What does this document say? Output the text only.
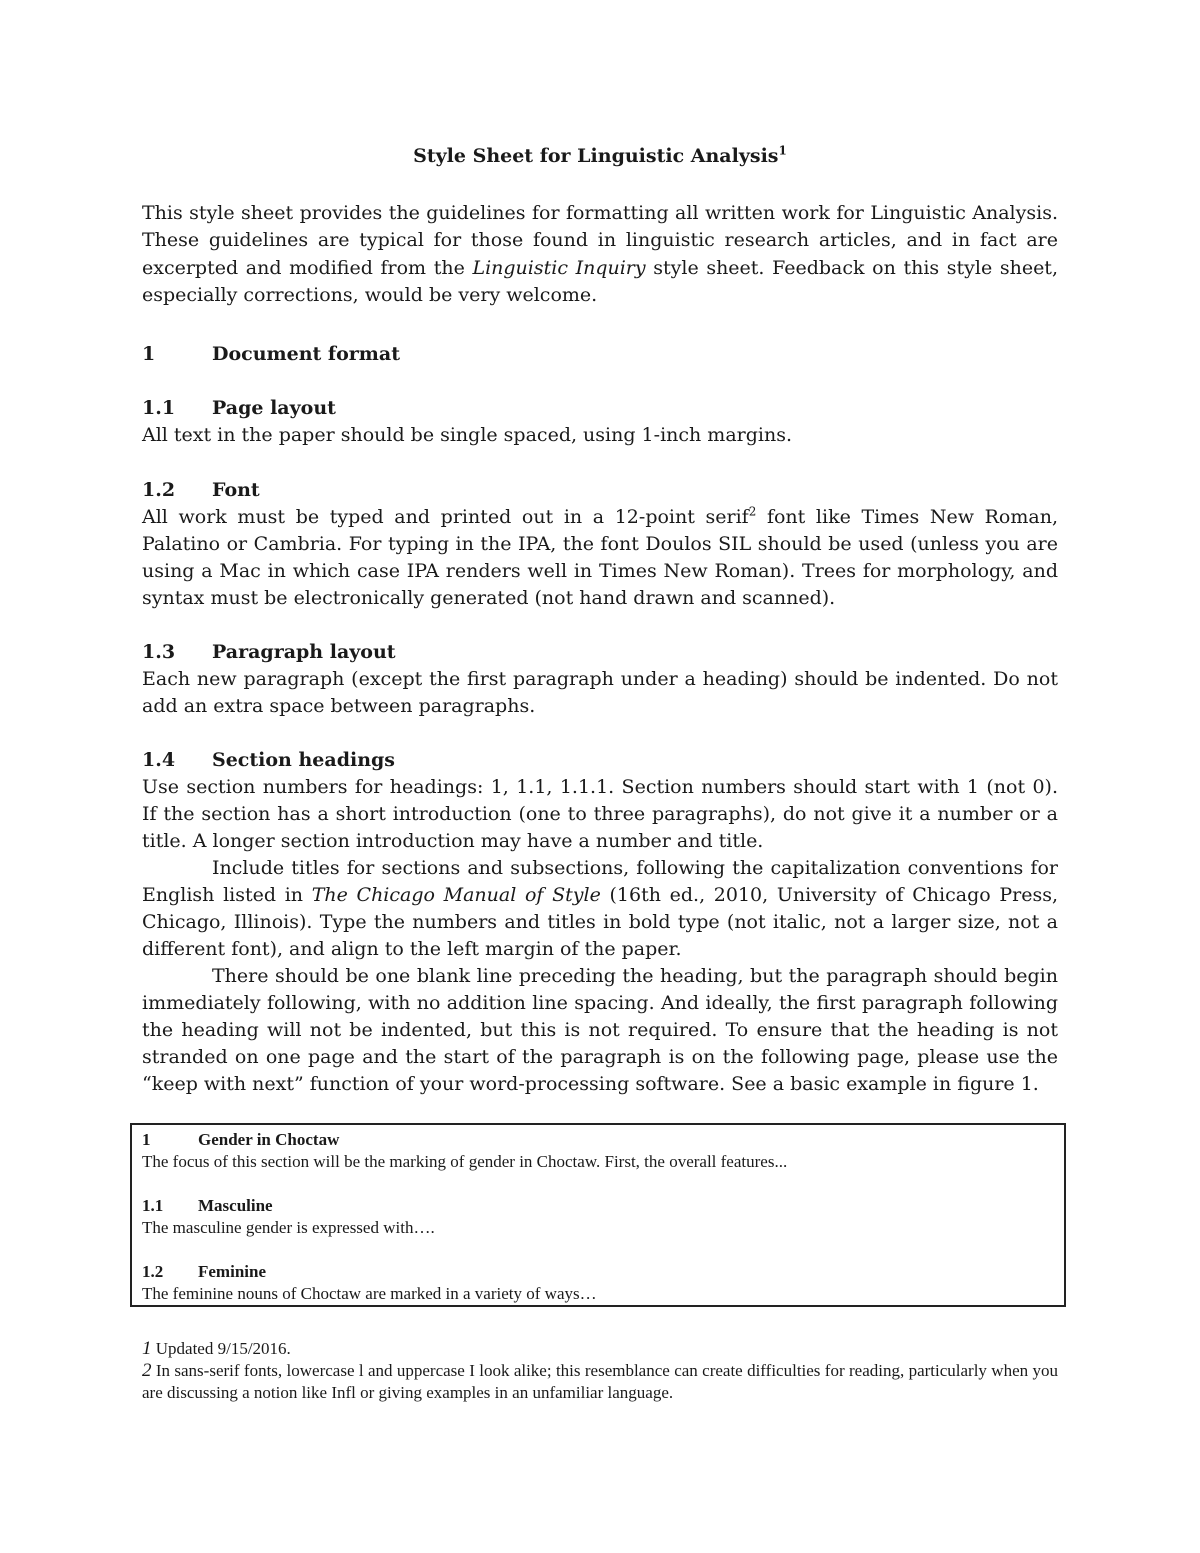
Style Sheet for Linguistic Analysis$^1$

This style sheet provides the guidelines for formatting all written work for Linguistic Analysis. These guidelines are typical for those found in linguistic research articles, and in fact are excerpted and modified from the Linguistic Inquiry style sheet. Feedback on this style sheet, especially corrections, would be very welcome.

1	Document format
1.1 Page layout

All text in the paper should be single spaced, using 1-inch margins.

1.2 Font

All work must be typed and printed out in a 12-point serif$^2$ font like Times New Roman, Palatino or Cambria. For typing in the IPA, the font Doulos SIL should be used (unless you are using a Mac in which case IPA renders well in Times New Roman). Trees for morphology, and syntax must be electronically generated (not hand drawn and scanned).

1.3 Paragraph layout

Each new paragraph (except the first paragraph under a heading) should be indented. Do not add an extra space between paragraphs.

1.4 Section headings

Use section numbers for headings: 1, 1.1, 1.1.1. Section numbers should start with 1 (not 0). If the section has a short introduction (one to three paragraphs), do not give it a number or a title. A longer section introduction may have a number and title.

Include titles for sections and subsections, following the capitalization conventions for English listed in The Chicago Manual of Style (16th ed., 2010, University of Chicago Press, Chicago, Illinois). Type the numbers and titles in bold type (not italic, not a larger size, not a different font), and align to the left margin of the paper.

There should be one blank line preceding the heading, but the paragraph should begin immediately following, with no addition line spacing. And ideally, the first paragraph following the heading will not be indented, but this is not required. To ensure that the heading is not stranded on one page and the start of the paragraph is on the following page, please use the “keep with next” function of your word-processing software. See a basic example in figure 1.

1	Gender in Choctaw

The focus of this section will be the marking of gender in Choctaw. First, the overall features...

1.1 Masculine

The masculine gender is expressed with….

1.2 Feminine

The feminine nouns of Choctaw are marked in a variety of ways…

1 Updated 9/15/2016.

2 In sans-serif fonts, lowercase l and uppercase I look alike; this resemblance can create difficulties for reading, particularly when you are discussing a notion like Infl or giving examples in an unfamiliar language.
